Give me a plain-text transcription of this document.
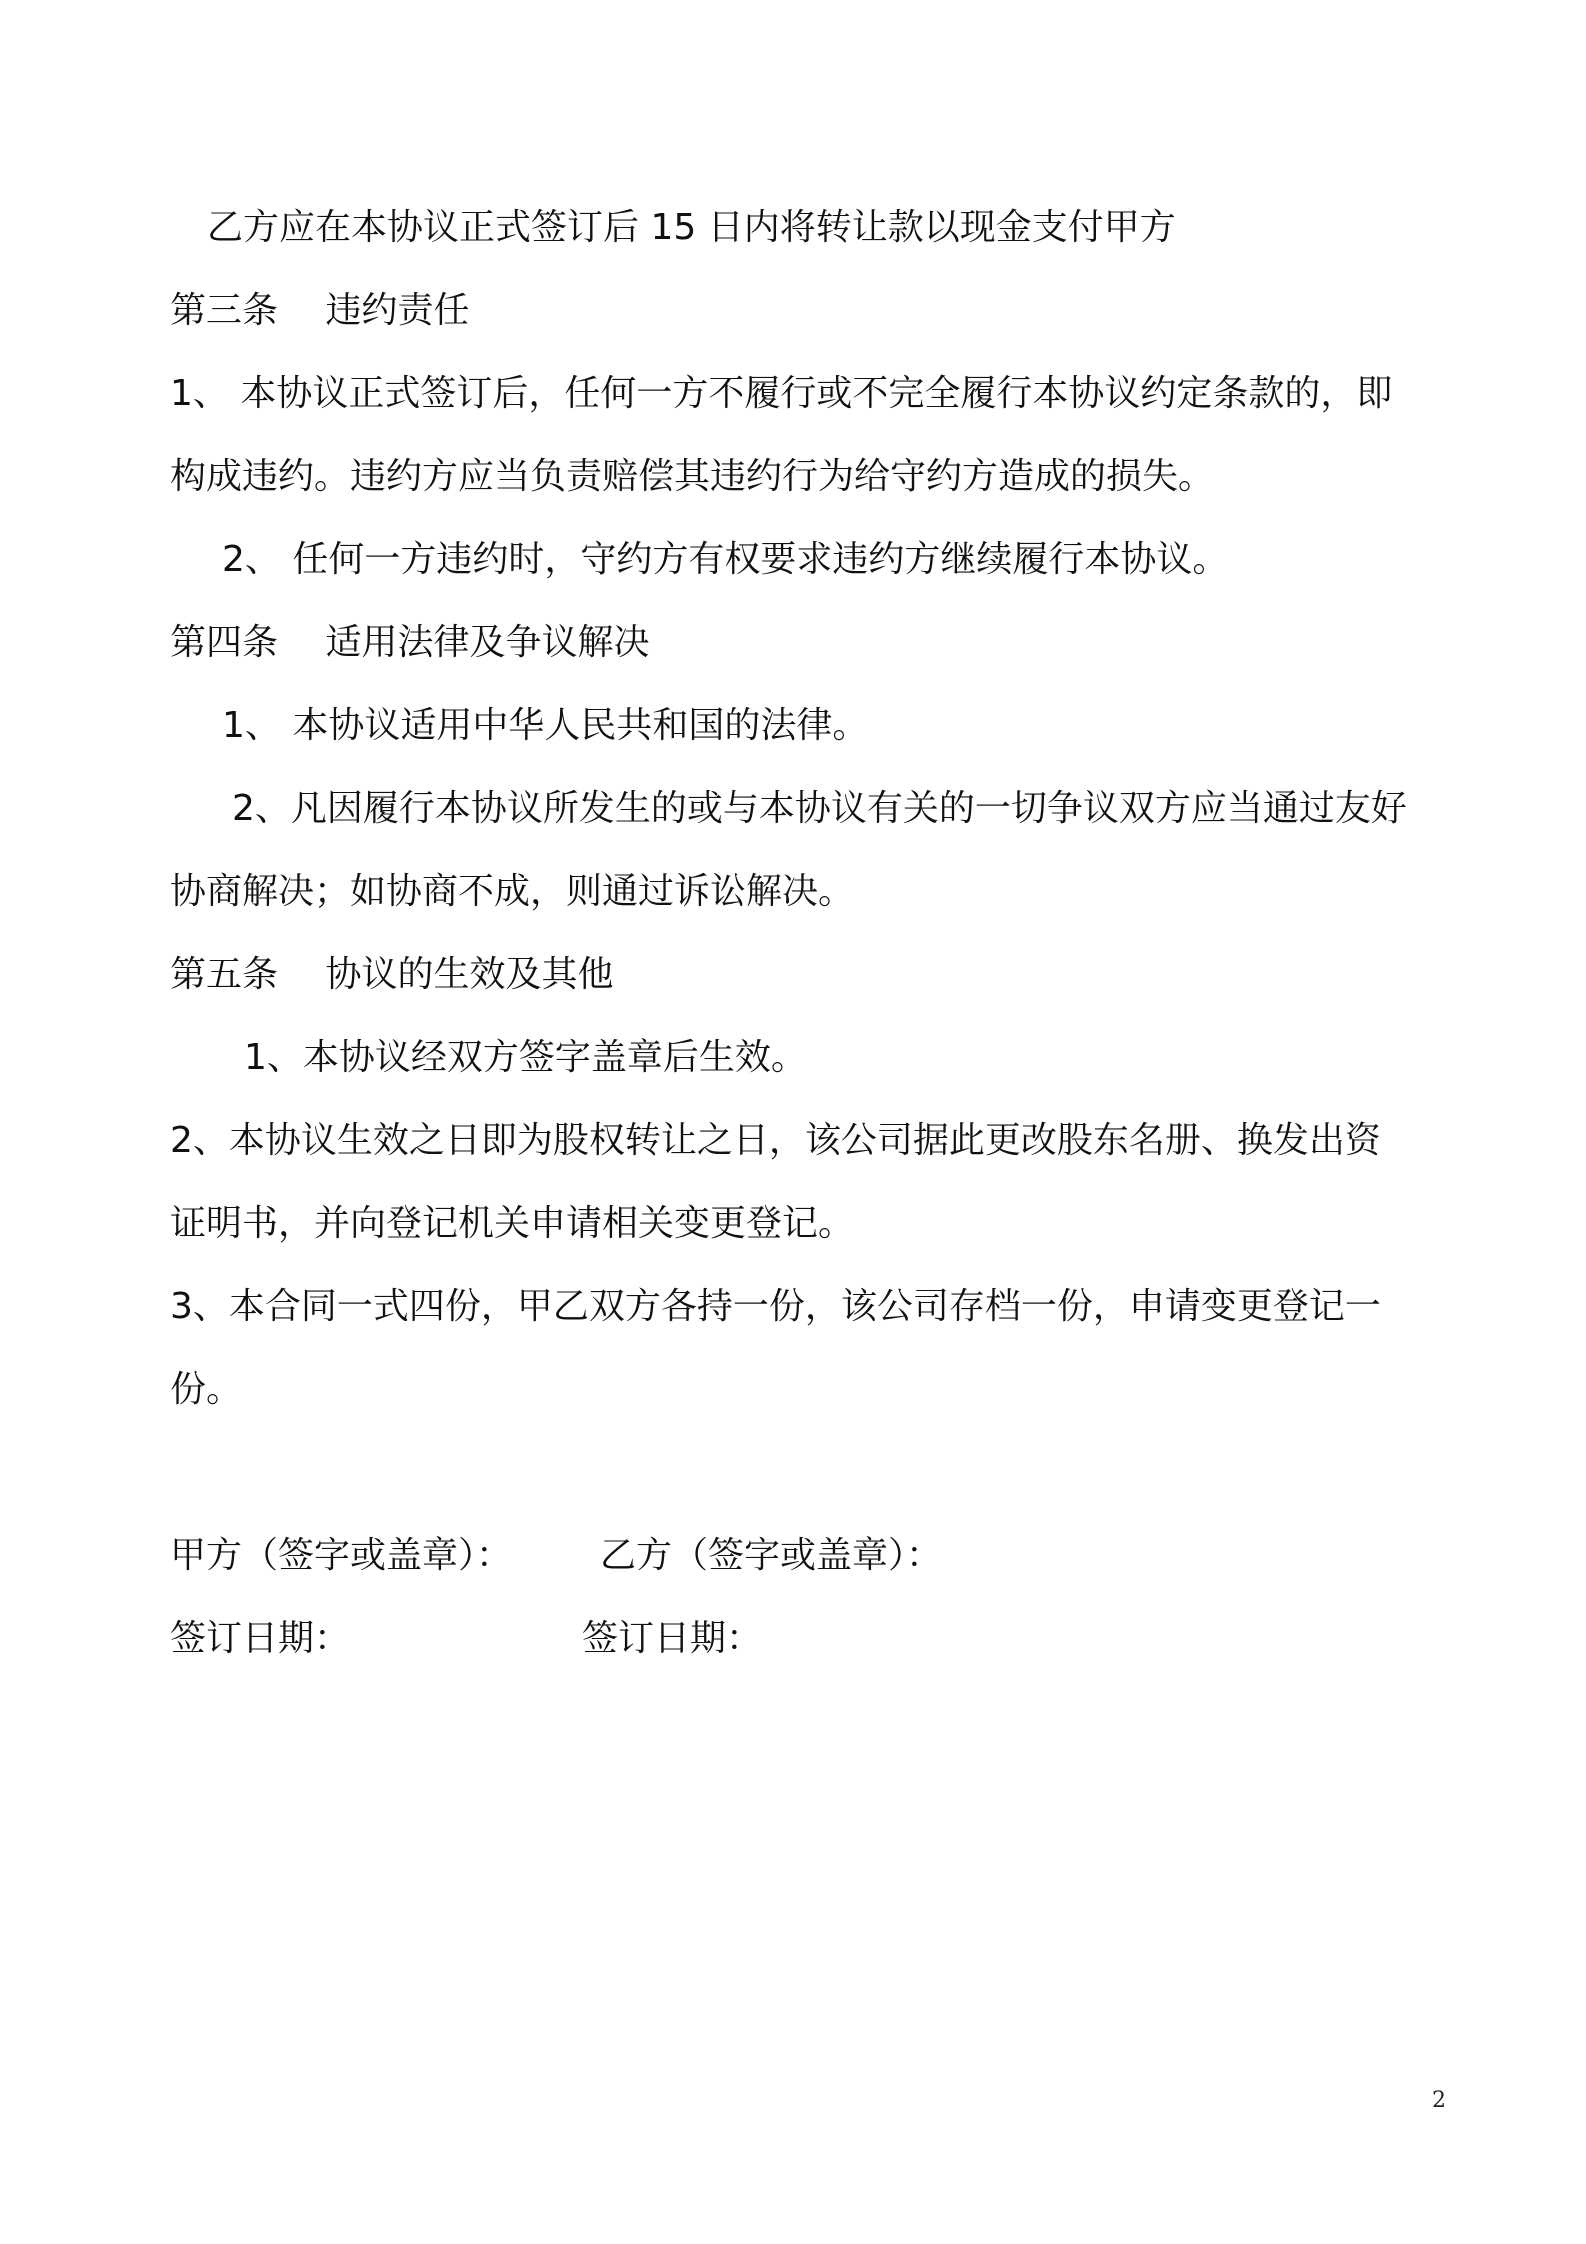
乙方应在本协议正式签订后 15 日内将转让款以现金支付甲方

第三条　 违约责任

1、 本协议正式签订后，任何一方不履行或不完全履行本协议约定条款的，即

构成违约。违约方应当负责赔偿其违约行为给守约方造成的损失。

2、 任何一方违约时，守约方有权要求违约方继续履行本协议。

第四条　 适用法律及争议解决

1、 本协议适用中华人民共和国的法律。

2、凡因履行本协议所发生的或与本协议有关的一切争议双方应当通过友好

协商解决；如协商不成，则通过诉讼解决。

第五条　 协议的生效及其他

1、本协议经双方签字盖章后生效。

2、本协议生效之日即为股权转让之日，该公司据此更改股东名册、换发出资

证明书，并向登记机关申请相关变更登记。

3、本合同一式四份，甲乙双方各持一份，该公司存档一份，申请变更登记一

份。

甲方（签字或盖章）： 乙方（签字或盖章）：

签订日期：	签订日期：

2
